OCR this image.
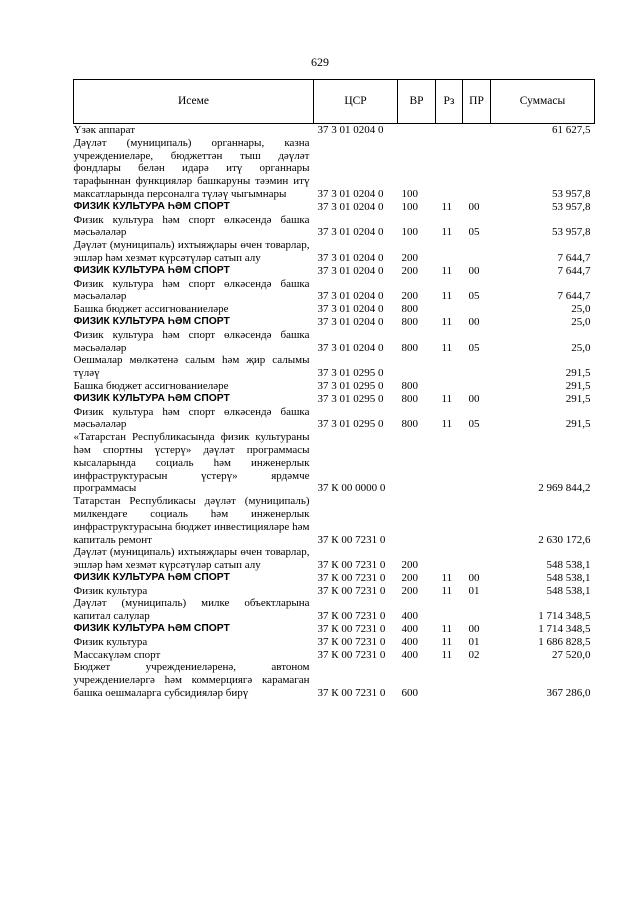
629
Исеме	ЦСР	ВР	Рз	ПР	Суммасы
Үзәк аппарат	37 3 01 0204 0				61 627,5
Дәүләт (муниципаль) органнары, казна учреждениеләре, бюджеттән тыш дәүләт фондлары белән идарә итү органнары тарафыннан функцияләр башкаруны тәэмин итү максатларында персоналга түләү чыгымнары	37 3 01 0204 0	100			53 957,8
ФИЗИК КУЛЬТУРА ҺӘМ СПОРТ	37 3 01 0204 0	100	11	00	53 957,8
Физик культура һәм спорт өлкәсендә башка мәсьәләләр	37 3 01 0204 0	100	11	05	53 957,8
Дәүләт (муниципаль) ихтыяҗлары өчен товарлар, эшләр һәм хезмәт күрсәтүләр сатып алу	37 3 01 0204 0	200			7 644,7
ФИЗИК КУЛЬТУРА ҺӘМ СПОРТ	37 3 01 0204 0	200	11	00	7 644,7
Физик культура һәм спорт өлкәсендә башка мәсьәләләр	37 3 01 0204 0	200	11	05	7 644,7
Башка бюджет ассигнованиеләре	37 3 01 0204 0	800			25,0
ФИЗИК КУЛЬТУРА ҺӘМ СПОРТ	37 3 01 0204 0	800	11	00	25,0
Физик культура һәм спорт өлкәсендә башка мәсьәләләр	37 3 01 0204 0	800	11	05	25,0
Оешмалар мөлкәтенә салым һәм җир салымы түләү	37 3 01 0295 0				291,5
Башка бюджет ассигнованиеләре	37 3 01 0295 0	800			291,5
ФИЗИК КУЛЬТУРА ҺӘМ СПОРТ	37 3 01 0295 0	800	11	00	291,5
Физик культура һәм спорт өлкәсендә башка мәсьәләләр	37 3 01 0295 0	800	11	05	291,5
«Татарстан Республикасында физик культураны һәм спортны үстерү» дәүләт программасы кысаларында социаль һәм инженерлык инфраструктурасын үстерү» ярдәмче программасы	37 К 00 0000 0				2 969 844,2
Татарстан Республикасы дәүләт (муниципаль) милкендәге социаль һәм инженерлык инфраструктурасына бюджет инвестицияләре һәм капиталь ремонт	37 К 00 7231 0				2 630 172,6
Дәүләт (муниципаль) ихтыяҗлары өчен товарлар, эшләр һәм хезмәт күрсәтүләр сатып алу	37 К 00 7231 0	200			548 538,1
ФИЗИК КУЛЬТУРА ҺӘМ СПОРТ	37 К 00 7231 0	200	11	00	548 538,1
Физик культура	37 К 00 7231 0	200	11	01	548 538,1
Дәүләт (муниципаль) милке объектларына капитал салулар	37 К 00 7231 0	400			1 714 348,5
ФИЗИК КУЛЬТУРА ҺӘМ СПОРТ	37 К 00 7231 0	400	11	00	1 714 348,5
Физик культура	37 К 00 7231 0	400	11	01	1 686 828,5
Массакүләм спорт	37 К 00 7231 0	400	11	02	27 520,0
Бюджет учреждениеләренә, автоном учреждениеләргә һәм коммерциягә карамаган башка оешмаларга субсидияләр бирү	37 К 00 7231 0	600			367 286,0
